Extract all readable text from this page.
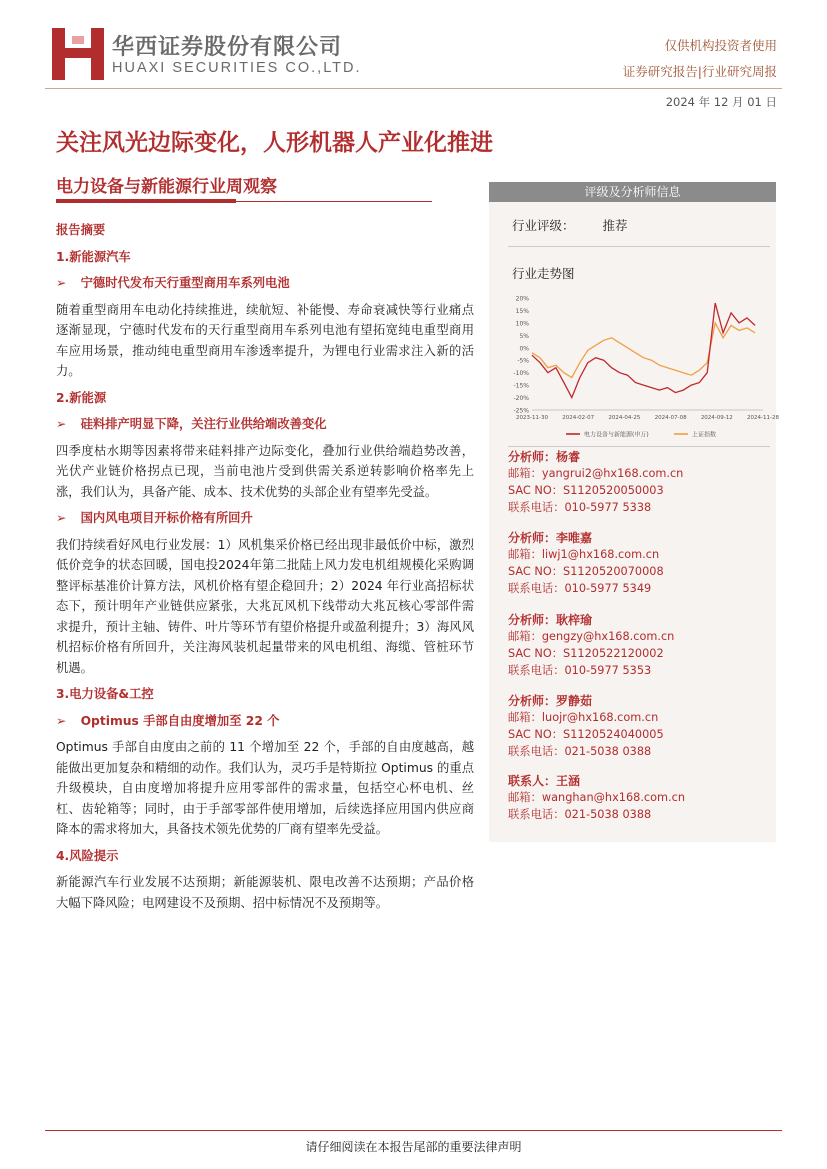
华西证券股份有限公司
HUAXI SECURITIES CO.,LTD.
仅供机构投资者使用
证券研究报告|行业研究周报
2024 年 12 月 01 日
关注风光边际变化，人形机器人产业化推进
电力设备与新能源行业周观察
报告摘要
1.新能源汽车
➢ 宁德时代发布天行重型商用车系列电池

随着重型商用车电动化持续推进，续航短、补能慢、寿命衰减快等行业痛点逐渐显现，宁德时代发布的天行重型商用车系列电池有望拓宽纯电重型商用车应用场景，推动纯电重型商用车渗透率提升，为锂电行业需求注入新的活力。

2.新能源
➢ 硅料排产明显下降，关注行业供给端改善变化

四季度枯水期等因素将带来硅料排产边际变化，叠加行业供给端趋势改善，光伏产业链价格拐点已现，当前电池片受到供需关系逆转影响价格率先上涨，我们认为，具备产能、成本、技术优势的头部企业有望率先受益。

➢ 国内风电项目开标价格有所回升

我们持续看好风电行业发展：1）风机集采价格已经出现非最低价中标，激烈低价竞争的状态回暖，国电投2024年第二批陆上风力发电机组规模化采购调整评标基准价计算方法，风机价格有望企稳回升；2）2024 年行业高招标状态下，预计明年产业链供应紧张，大兆瓦风机下线带动大兆瓦核心零部件需求提升，预计主轴、铸件、叶片等环节有望价格提升或盈利提升；3）海风风机招标价格有所回升，关注海风装机起量带来的风电机组、海缆、管桩环节机遇。

3.电力设备&工控
➢ Optimus 手部自由度增加至 22 个

Optimus 手部自由度由之前的 11 个增加至 22 个，手部的自由度越高，越能做出更加复杂和精细的动作。我们认为，灵巧手是特斯拉 Optimus 的重点升级模块，自由度增加将提升应用零部件的需求量，包括空心杯电机、丝杠、齿轮箱等；同时，由于手部零部件使用增加，后续选择应用国内供应商降本的需求将加大，具备技术领先优势的厂商有望率先受益。

4.风险提示

新能源汽车行业发展不达预期；新能源装机、限电改善不达预期；产品价格大幅下降风险；电网建设不及预期、招中标情况不及预期等。

评级及分析师信息
行业评级： 推荐
行业走势图
20%
15%
10%
5%
0%
-5%
-10%
-15%
-20%
-25%
2023-11-30	2024-02-07	2024-04-25	2024-07-08	2024-09-12	2024-11-28
电力设备与新能源(申万)	上证指数
分析师：杨睿
邮箱：yangrui2@hx168.com.cn
SAC NO：S1120520050003
联系电话：010-5977 5338
分析师：李唯嘉
邮箱：liwj1@hx168.com.cn
SAC NO：S1120520070008
联系电话：010-5977 5349
分析师：耿梓瑜
邮箱：gengzy@hx168.com.cn
SAC NO：S1120522120002
联系电话：010-5977 5353
分析师：罗静茹
邮箱：luojr@hx168.com.cn
SAC NO：S1120524040005
联系电话：021-5038 0388
联系人：王涵
邮箱：wanghan@hx168.com.cn
联系电话：021-5038 0388
请仔细阅读在本报告尾部的重要法律声明
